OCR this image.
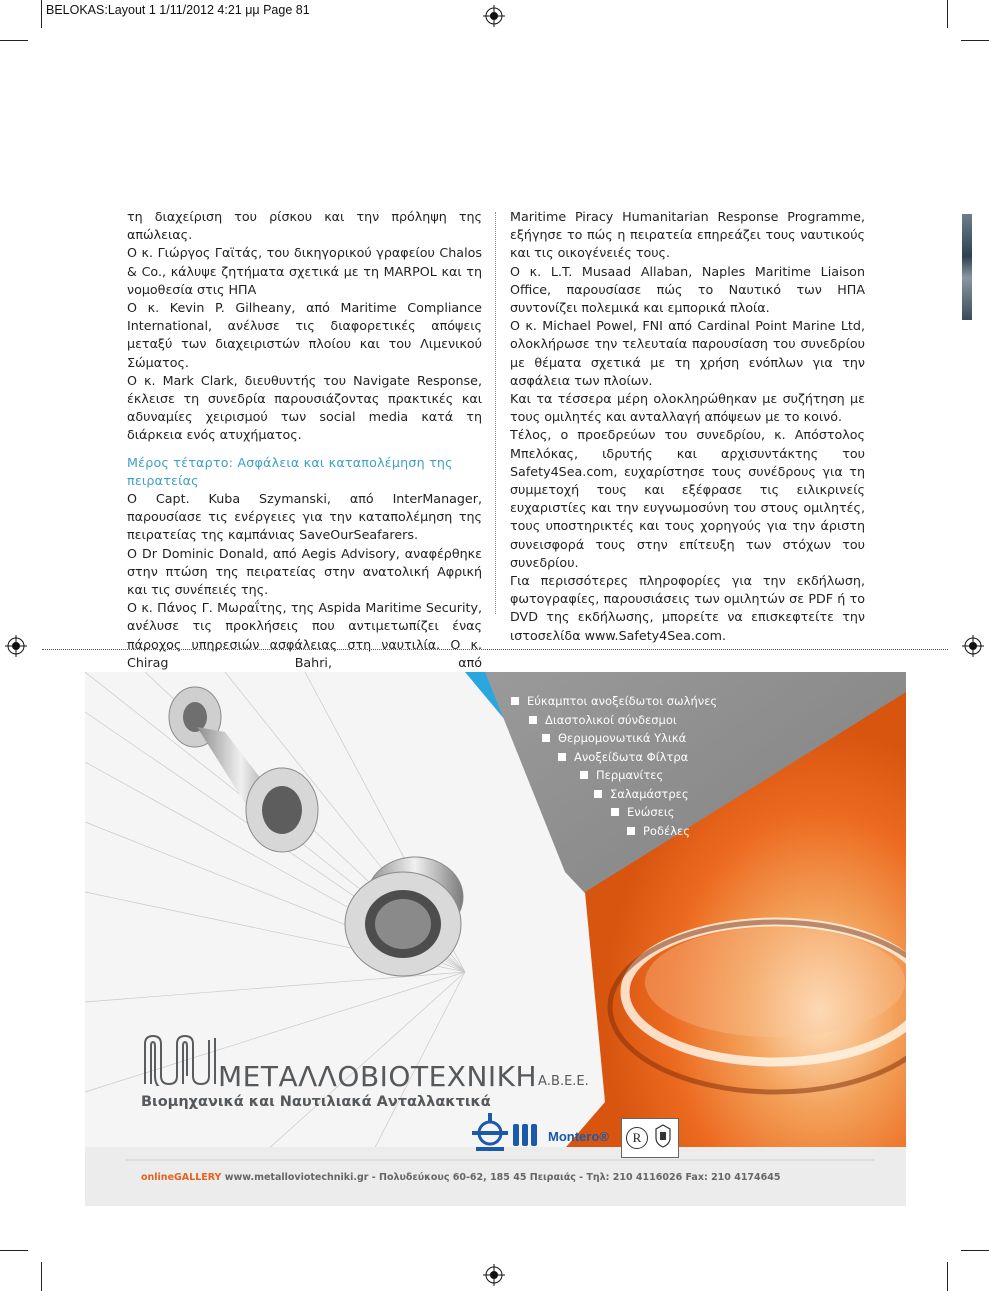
BELOKAS:Layout 1 1/11/2012 4:21 μμ Page 81

τη διαχείριση του ρίσκου και την πρόληψη της απώλειας.

Ο κ. Γιώργος Γαϊτάς, του δικηγορικού γραφείου Chalos & Co., κάλυψε ζητήματα σχετικά με τη MARPOL και τη νομοθεσία στις ΗΠΑ

Ο κ. Kevin P. Gilheany, από Maritime Compliance International, ανέλυσε τις διαφορετικές απόψεις μεταξύ των διαχειριστών πλοίου και του Λιμενικού Σώματος.

Ο κ. Mark Clark, διευθυντής του Navigate Response, έκλεισε τη συνεδρία παρουσιάζοντας πρακτικές και αδυναμίες χειρισμού των social media κατά τη διάρκεια ενός ατυχήματος.

Μέρος τέταρτο: Ασφάλεια και καταπολέμηση της πειρατείας

Ο Capt. Kuba Szymanski, από InterManager, παρουσίασε τις ενέργειες για την καταπολέμηση της πειρατείας της καμπάνιας SaveOurSeafarers.

Ο Dr Dominic Donald, από Aegis Advisory, αναφέρθηκε στην πτώση της πειρατείας στην ανατολική Αφρική και τις συνέπειές της.

Ο κ. Πάνος Γ. Μωραΐτης, της Aspida Maritime Security, ανέλυσε τις προκλήσεις που αντιμετωπίζει ένας πάροχος υπηρεσιών ασφάλειας στη ναυτιλία. Ο κ. Chirag Bahri, από

Maritime Piracy Humanitarian Response Programme, εξήγησε το πώς η πειρατεία επηρεάζει τους ναυτικούς και τις οικογένειές τους.

Ο κ. L.T. Musaad Allaban, Naples Maritime Liaison Office, παρουσίασε πώς το Ναυτικό των ΗΠΑ συντονίζει πολεμικά και εμπορικά πλοία.

Ο κ. Michael Powel, FNI από Cardinal Point Marine Ltd, ολοκλήρωσε την τελευταία παρουσίαση του συνεδρίου με θέματα σχετικά με τη χρήση ενόπλων για την ασφάλεια των πλοίων.

Και τα τέσσερα μέρη ολοκληρώθηκαν με συζήτηση με τους ομιλητές και ανταλλαγή απόψεων με το κοινό.

Τέλος, ο προεδρεύων του συνεδρίου, κ. Απόστολος Μπελόκας, ιδρυτής και αρχισυντάκτης του Safety4Sea.com, ευχαρίστησε τους συνέδρους για τη συμμετοχή τους και εξέφρασε τις ειλικρινείς ευχαριστίες και την ευγνωμοσύνη του στους ομιλητές, τους υποστηρικτές και τους χορηγούς για την άριστη συνεισφορά τους στην επίτευξη των στόχων του συνεδρίου.

Για περισσότερες πληροφορίες για την εκδήλωση, φωτογραφίες, παρουσιάσεις των ομιλητών σε PDF ή το DVD της εκδήλωσης, μπορείτε να επισκεφτείτε την ιστοσελίδα www.Safety4Sea.com.

Εύκαμπτοι ανοξείδωτοι σωλήνες
Διαστολικοί σύνδεσμοι
Θερμομονωτικά Υλικά
Ανοξείδωτα Φίλτρα
Περμανίτες
Σαλαμάστρες
Ενώσεις
Ροδέλες
ΜΕΤΑΛΛΟΒΙΟΤΕΧΝΙΚΗ Α.Β.Ε.Ε.
Βιομηχανικά και Ναυτιλιακά Ανταλλακτικά
Montero®	R
onlineGALLERY www.metalloviotechniki.gr - Πολυδεύκους 60-62, 185 45 Πειραιάς - Τηλ: 210 4116026 Fax: 210 4174645
